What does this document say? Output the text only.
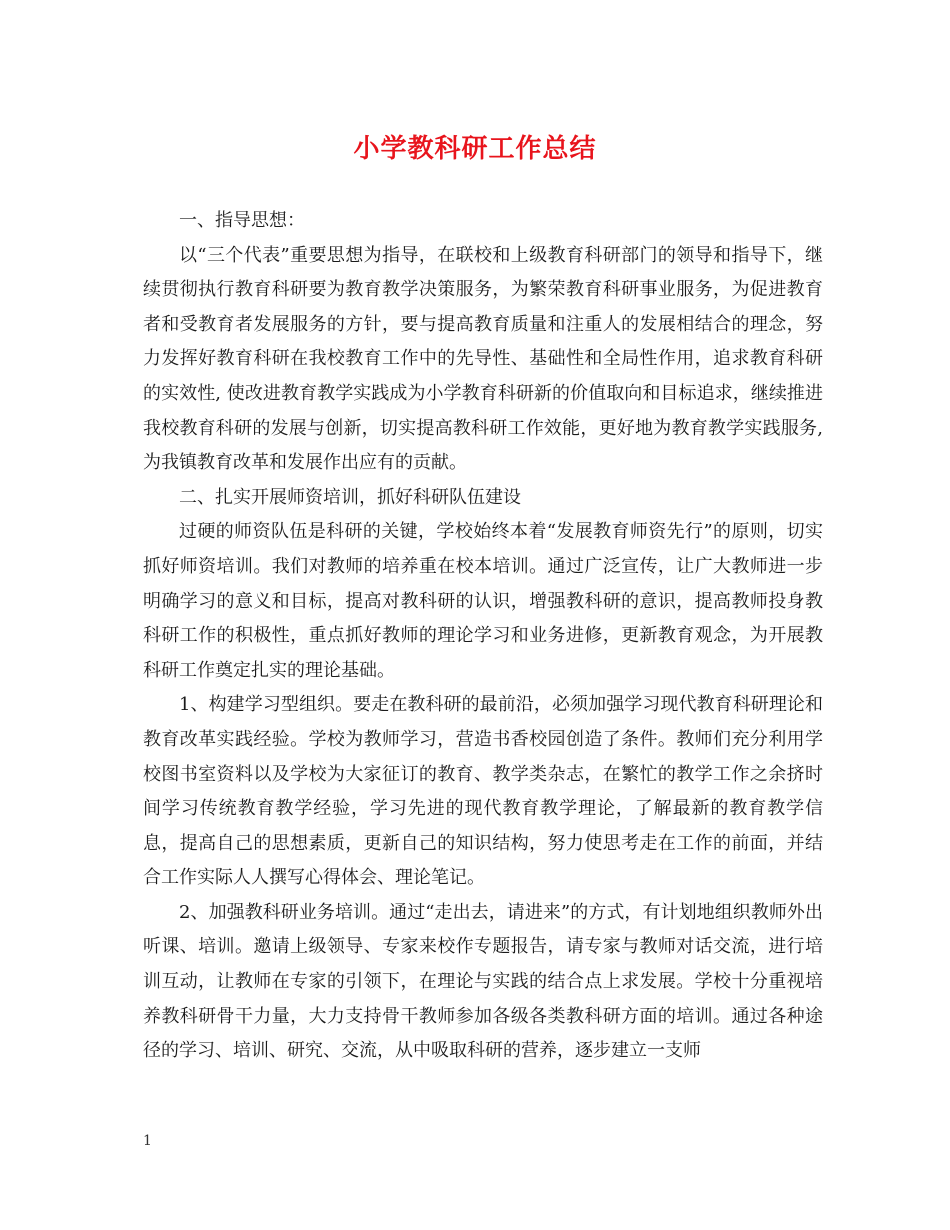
小学教科研工作总结

一、指导思想：

以“三个代表”重要思想为指导，在联校和上级教育科研部门的领导和指导下，继续贯彻执行教育科研要为教育教学决策服务，为繁荣教育科研事业服务，为促进教育者和受教育者发展服务的方针，要与提高教育质量和注重人的发展相结合的理念，努力发挥好教育科研在我校教育工作中的先导性、基础性和全局性作用，追求教育科研的实效性, 使改进教育教学实践成为小学教育科研新的价值取向和目标追求，继续推进我校教育科研的发展与创新，切实提高教科研工作效能，更好地为教育教学实践服务,为我镇教育改革和发展作出应有的贡献。

二、扎实开展师资培训，抓好科研队伍建设

过硬的师资队伍是科研的关键，学校始终本着“发展教育师资先行”的原则，切实抓好师资培训。我们对教师的培养重在校本培训。通过广泛宣传，让广大教师进一步明确学习的意义和目标，提高对教科研的认识，增强教科研的意识，提高教师投身教科研工作的积极性，重点抓好教师的理论学习和业务进修，更新教育观念，为开展教科研工作奠定扎实的理论基础。

1、构建学习型组织。要走在教科研的最前沿，必须加强学习现代教育科研理论和教育改革实践经验。学校为教师学习，营造书香校园创造了条件。教师们充分利用学校图书室资料以及学校为大家征订的教育、教学类杂志，在繁忙的教学工作之余挤时间学习传统教育教学经验，学习先进的现代教育教学理论，了解最新的教育教学信息，提高自己的思想素质，更新自己的知识结构，努力使思考走在工作的前面，并结合工作实际人人撰写心得体会、理论笔记。

2、加强教科研业务培训。通过“走出去，请进来”的方式，有计划地组织教师外出听课、培训。邀请上级领导、专家来校作专题报告，请专家与教师对话交流，进行培训互动，让教师在专家的引领下，在理论与实践的结合点上求发展。学校十分重视培养教科研骨干力量，大力支持骨干教师参加各级各类教科研方面的培训。通过各种途径的学习、培训、研究、交流，从中吸取科研的营养，逐步建立一支师

1
